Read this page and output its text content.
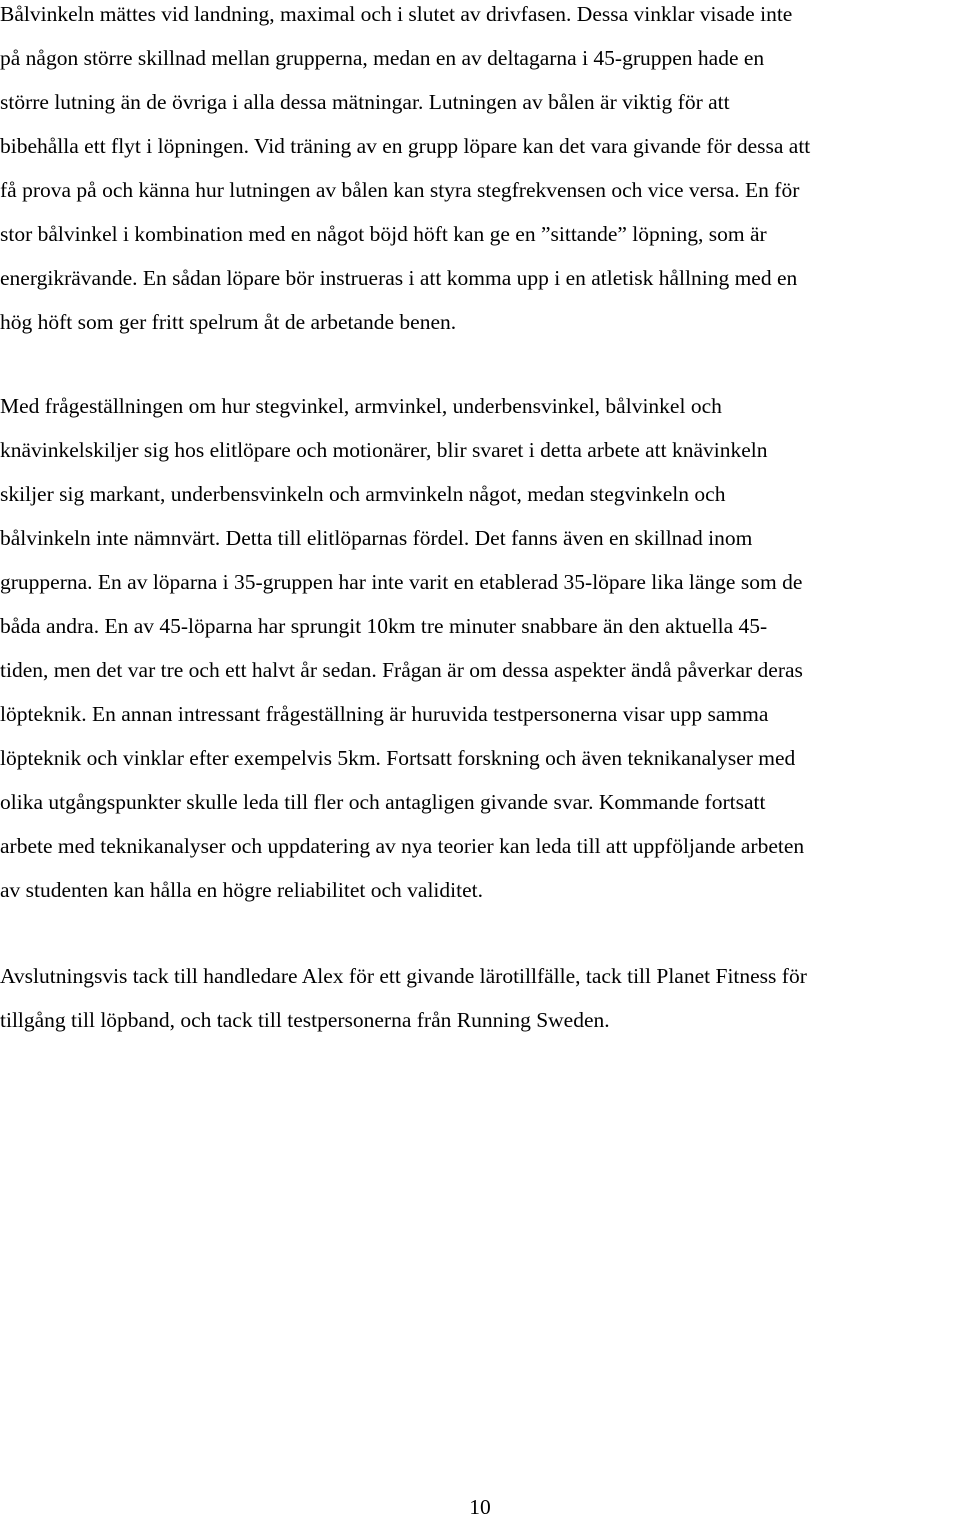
Bålvinkeln mättes vid landning, maximal och i slutet av drivfasen. Dessa vinklar visade inte
på någon större skillnad mellan grupperna, medan en av deltagarna i 45-gruppen hade en
större lutning än de övriga i alla dessa mätningar. Lutningen av bålen är viktig för att
bibehålla ett flyt i löpningen. Vid träning av en grupp löpare kan det vara givande för dessa att
få prova på och känna hur lutningen av bålen kan styra stegfrekvensen och vice versa. En för
stor bålvinkel i kombination med en något böjd höft kan ge en ”sittande” löpning, som är
energikrävande. En sådan löpare bör instrueras i att komma upp i en atletisk hållning med en
hög höft som ger fritt spelrum åt de arbetande benen.

Med frågeställningen om hur stegvinkel, armvinkel, underbensvinkel, bålvinkel och
knävinkelskiljer sig hos elitlöpare och motionärer, blir svaret i detta arbete att knävinkeln
skiljer sig markant, underbensvinkeln och armvinkeln något, medan stegvinkeln och
bålvinkeln inte nämnvärt. Detta till elitlöparnas fördel. Det fanns även en skillnad inom
grupperna. En av löparna i 35-gruppen har inte varit en etablerad 35-löpare lika länge som de
båda andra. En av 45-löparna har sprungit 10km tre minuter snabbare än den aktuella 45-
tiden, men det var tre och ett halvt år sedan. Frågan är om dessa aspekter ändå påverkar deras
löpteknik. En annan intressant frågeställning är huruvida testpersonerna visar upp samma
löpteknik och vinklar efter exempelvis 5km. Fortsatt forskning och även teknikanalyser med
olika utgångspunkter skulle leda till fler och antagligen givande svar. Kommande fortsatt
arbete med teknikanalyser och uppdatering av nya teorier kan leda till att uppföljande arbeten
av studenten kan hålla en högre reliabilitet och validitet.

Avslutningsvis tack till handledare Alex för ett givande lärotillfälle, tack till Planet Fitness för
tillgång till löpband, och tack till testpersonerna från Running Sweden.

10
